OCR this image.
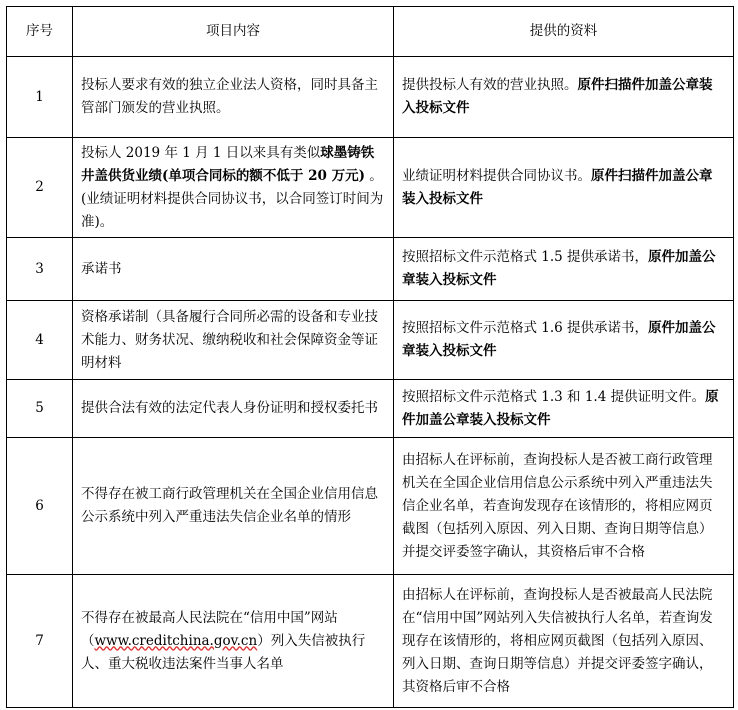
序号	项目内容	提供的资料
1	投标人要求有效的独立企业法人资格，同时具备主管部门颁发的营业执照。	提供投标人有效的营业执照。原件扫描件加盖公章装入投标文件
2	投标人 2019 年 1 月 1 日以来具有类似球墨铸铁井盖供货业绩(单项合同标的额不低于 20 万元) 。(业绩证明材料提供合同协议书，以合同签订时间为准)。	业绩证明材料提供合同协议书。原件扫描件加盖公章装入投标文件
3	承诺书	按照招标文件示范格式 1.5 提供承诺书，原件加盖公章装入投标文件
4	资格承诺制（具备履行合同所必需的设备和专业技术能力、财务状况、缴纳税收和社会保障资金等证明材料	按照招标文件示范格式 1.6 提供承诺书，原件加盖公章装入投标文件
5	提供合法有效的法定代表人身份证明和授权委托书	按照招标文件示范格式 1.3 和 1.4 提供证明文件。原件加盖公章装入投标文件
6	不得存在被工商行政管理机关在全国企业信用信息公示系统中列入严重违法失信企业名单的情形	由招标人在评标前，查询投标人是否被工商行政管理机关在全国企业信用信息公示系统中列入严重违法失信企业名单，若查询发现存在该情形的，将相应网页截图（包括列入原因、列入日期、查询日期等信息）并提交评委签字确认，其资格后审不合格
7	不得存在被最高人民法院在“信用中国”网站（www.creditchina.gov.cn）列入失信被执行人、重大税收违法案件当事人名单	由招标人在评标前，查询投标人是否被最高人民法院在“信用中国”网站列入失信被执行人名单，若查询发现存在该情形的，将相应网页截图（包括列入原因、列入日期、查询日期等信息）并提交评委签字确认，其资格后审不合格
